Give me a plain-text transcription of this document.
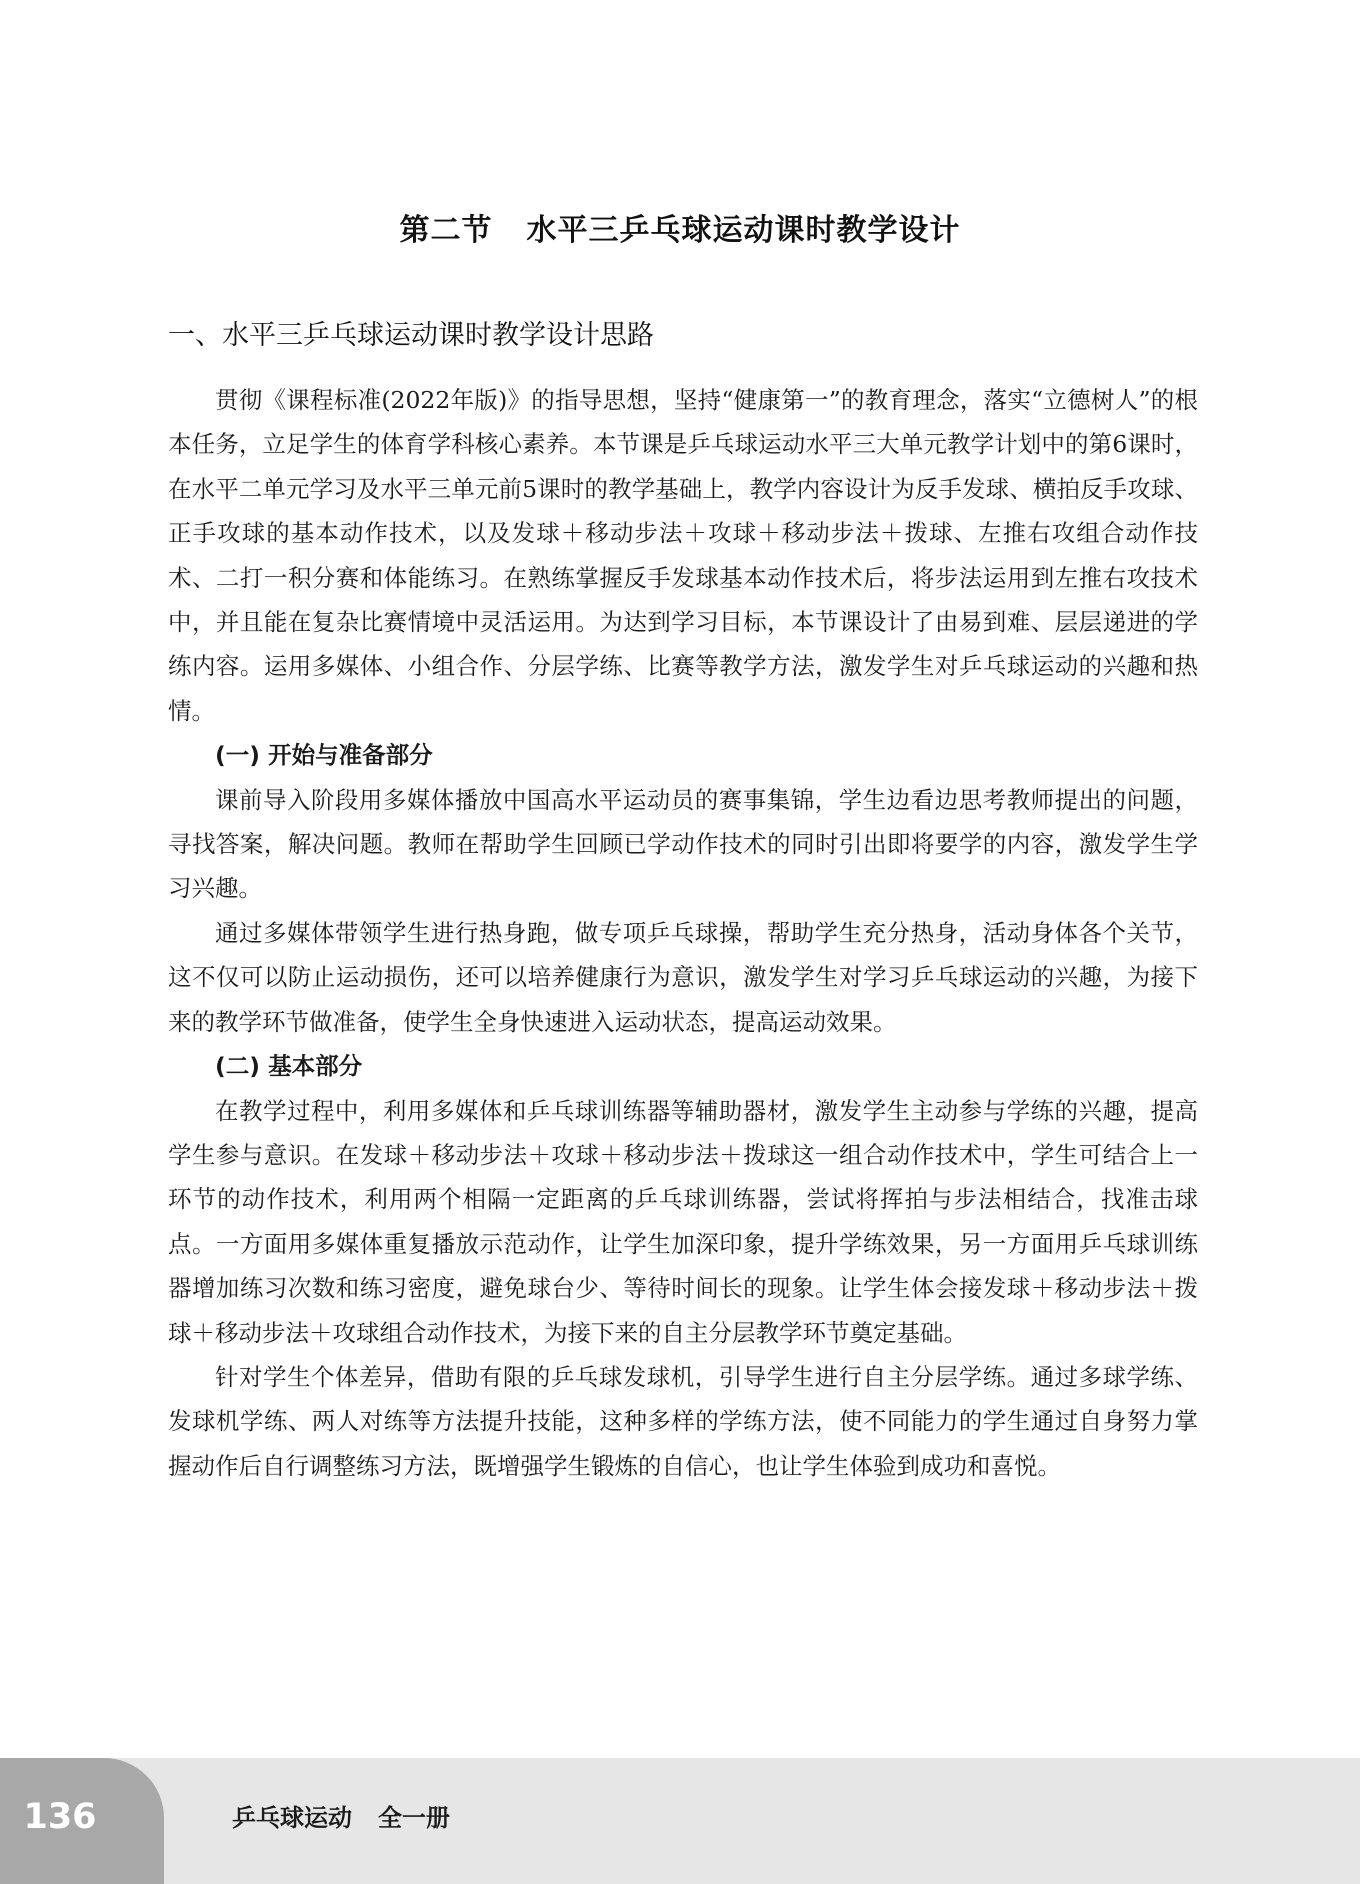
第二节 水平三乒乓球运动课时教学设计
一、水平三乒乓球运动课时教学设计思路

贯彻《课程标准(2022年版)》的指导思想，坚持“健康第一”的教育理念，落实“立德树人”的根本任务，立足学生的体育学科核心素养。本节课是乒乓球运动水平三大单元教学计划中的第6课时，在水平二单元学习及水平三单元前5课时的教学基础上，教学内容设计为反手发球、横拍反手攻球、正手攻球的基本动作技术，以及发球＋移动步法＋攻球＋移动步法＋拨球、左推右攻组合动作技术、二打一积分赛和体能练习。在熟练掌握反手发球基本动作技术后，将步法运用到左推右攻技术中，并且能在复杂比赛情境中灵活运用。为达到学习目标，本节课设计了由易到难、层层递进的学练内容。运用多媒体、小组合作、分层学练、比赛等教学方法，激发学生对乒乓球运动的兴趣和热情。

(一) 开始与准备部分

课前导入阶段用多媒体播放中国高水平运动员的赛事集锦，学生边看边思考教师提出的问题，寻找答案，解决问题。教师在帮助学生回顾已学动作技术的同时引出即将要学的内容，激发学生学习兴趣。

通过多媒体带领学生进行热身跑，做专项乒乓球操，帮助学生充分热身，活动身体各个关节，这不仅可以防止运动损伤，还可以培养健康行为意识，激发学生对学习乒乓球运动的兴趣，为接下来的教学环节做准备，使学生全身快速进入运动状态，提高运动效果。

(二) 基本部分

在教学过程中，利用多媒体和乒乓球训练器等辅助器材，激发学生主动参与学练的兴趣，提高学生参与意识。在发球＋移动步法＋攻球＋移动步法＋拨球这一组合动作技术中，学生可结合上一环节的动作技术，利用两个相隔一定距离的乒乓球训练器，尝试将挥拍与步法相结合，找准击球点。一方面用多媒体重复播放示范动作，让学生加深印象，提升学练效果，另一方面用乒乓球训练器增加练习次数和练习密度，避免球台少、等待时间长的现象。让学生体会接发球＋移动步法＋拨球＋移动步法＋攻球组合动作技术，为接下来的自主分层教学环节奠定基础。

针对学生个体差异，借助有限的乒乓球发球机，引导学生进行自主分层学练。通过多球学练、发球机学练、两人对练等方法提升技能，这种多样的学练方法，使不同能力的学生通过自身努力掌握动作后自行调整练习方法，既增强学生锻炼的自信心，也让学生体验到成功和喜悦。

136	乒乓球运动 全一册
